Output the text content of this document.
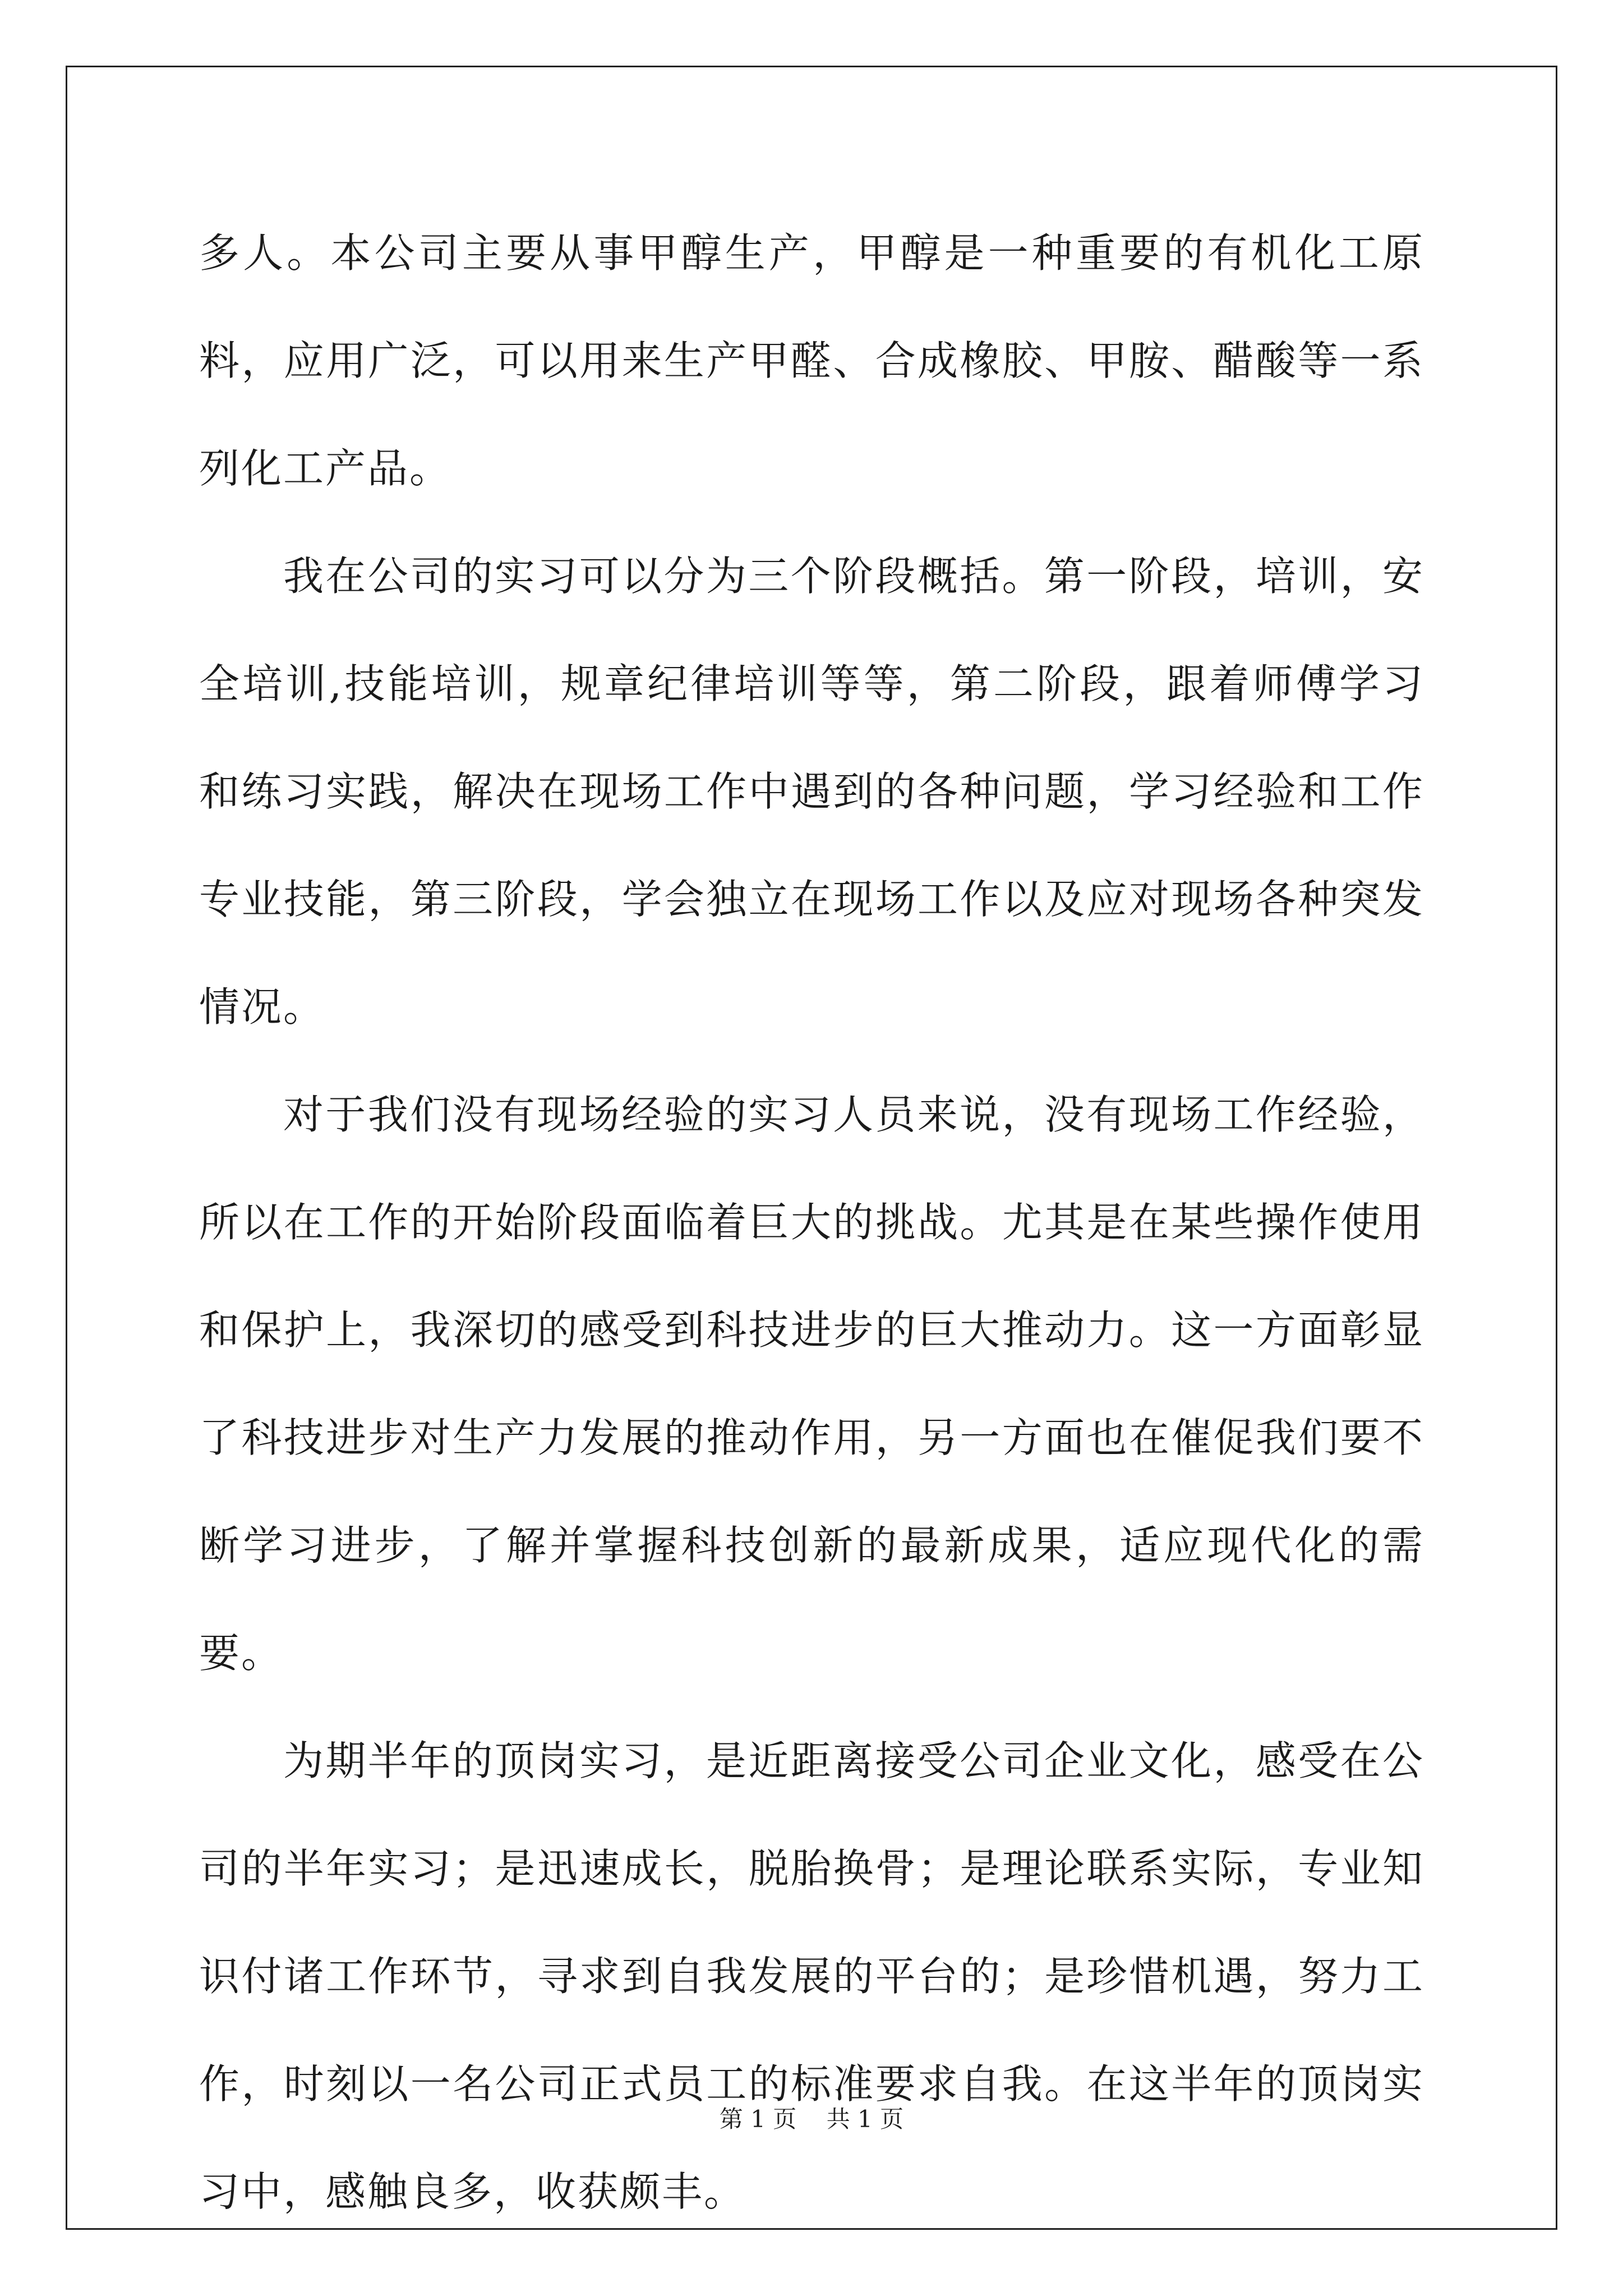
多人。本公司主要从事甲醇生产，甲醇是一种重要的有机化工原料，应用广泛，可以用来生产甲醛、合成橡胶、甲胺、醋酸等一系列化工产品。

我在公司的实习可以分为三个阶段概括。第一阶段，培训，安全培训,技能培训，规章纪律培训等等，第二阶段，跟着师傅学习和练习实践，解决在现场工作中遇到的各种问题，学习经验和工作专业技能，第三阶段，学会独立在现场工作以及应对现场各种突发情况。

对于我们没有现场经验的实习人员来说，没有现场工作经验，所以在工作的开始阶段面临着巨大的挑战。尤其是在某些操作使用和保护上，我深切的感受到科技进步的巨大推动力。这一方面彰显了科技进步对生产力发展的推动作用，另一方面也在催促我们要不断学习进步，了解并掌握科技创新的最新成果，适应现代化的需要。

为期半年的顶岗实习，是近距离接受公司企业文化，感受在公司的半年实习；是迅速成长，脱胎换骨；是理论联系实际，专业知识付诸工作环节，寻求到自我发展的平台的；是珍惜机遇，努力工作，时刻以一名公司正式员工的标准要求自我。在这半年的顶岗实习中，感触良多，收获颇丰。

第 1 页    共 1 页
